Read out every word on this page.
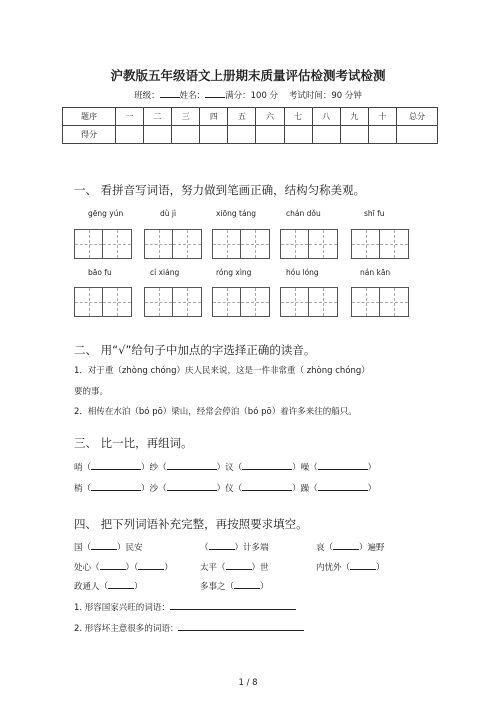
沪教版五年级语文上册期末质量评估检测考试检测
班级： 姓名： 满分：100 分 考试时间：90 分钟
题序	一	二	三	四	五	六	七	八	九	十	总分
得分											
一、 看拼音写词语，努力做到笔画正确，结构匀称美观。
gēng yún	dù jì	xiōng táng	chán dǒu	shī fu
bāo fu	cí xiáng	róng xìng	hóu lóng	nán kān
二、 用“√”给句子中加点的字选择正确的读音。
1．对于重（zhòng chóng）庆人民来说，这是一件非常重（ zhòng chóng）
要的事。
2．相传在水泊（bó pō）梁山，经常会停泊（bó pō）着许多来往的船只。
三、 比一比，再组词。
哨（	）纱（	）议（	）噪（	）
梢（	）沙（	）仪（	）躁（	）
四、 把下列词语补充完整，再按照要求填空。
国（	）民安	（	）计多端	哀（	）遍野
处心（	）（	）	太平（	）世	内忧外（	）
政通人（	）	多事之（	）
1. 形容国家兴旺的词语：
2. 形容坏主意很多的词语：
1 / 8
